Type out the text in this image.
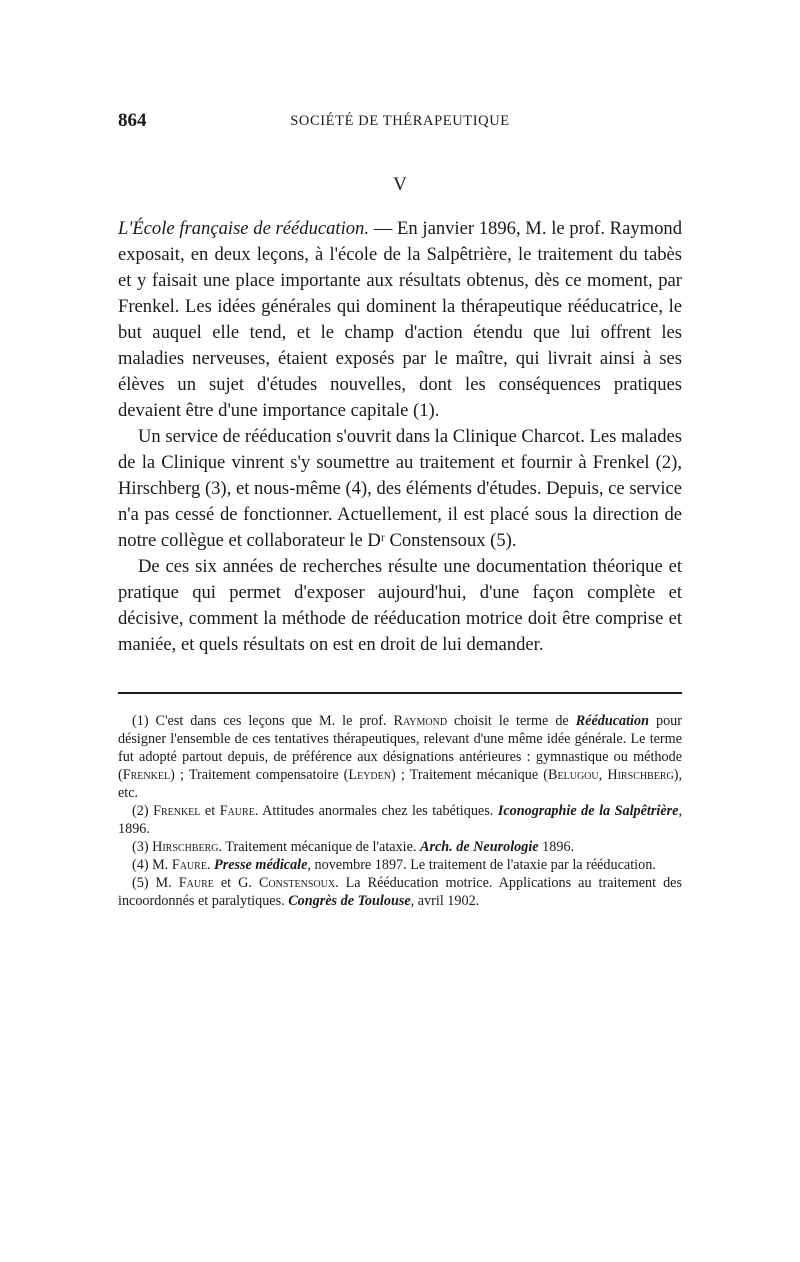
864	SOCIÉTÉ DE THÉRAPEUTIQUE
V

L'École française de rééducation. — En janvier 1896, M. le prof. Raymond exposait, en deux leçons, à l'école de la Salpêtrière, le traitement du tabès et y faisait une place importante aux résultats obtenus, dès ce moment, par Frenkel. Les idées générales qui dominent la thérapeutique rééducatrice, le but auquel elle tend, et le champ d'action étendu que lui offrent les maladies nerveuses, étaient exposés par le maître, qui livrait ainsi à ses élèves un sujet d'études nouvelles, dont les conséquences pratiques devaient être d'une importance capitale (1).

Un service de rééducation s'ouvrit dans la Clinique Charcot. Les malades de la Clinique vinrent s'y soumettre au traitement et fournir à Frenkel (2), Hirschberg (3), et nous-même (4), des éléments d'études. Depuis, ce service n'a pas cessé de fonctionner. Actuellement, il est placé sous la direction de notre collègue et collaborateur le Dʳ Constensoux (5).

De ces six années de recherches résulte une documentation théorique et pratique qui permet d'exposer aujourd'hui, d'une façon complète et décisive, comment la méthode de rééducation motrice doit être comprise et maniée, et quels résultats on est en droit de lui demander.

(1) C'est dans ces leçons que M. le prof. Raymond choisit le terme de Rééducation pour désigner l'ensemble de ces tentatives thérapeutiques, relevant d'une même idée générale. Le terme fut adopté partout depuis, de préférence aux désignations antérieures : gymnastique ou méthode (Frenkel) ; Traitement compensatoire (Leyden) ; Traitement mécanique (Belugou, Hirschberg), etc.

(2) Frenkel et Faure. Attitudes anormales chez les tabétiques. Iconographie de la Salpêtrière, 1896.

(3) Hirschberg. Traitement mécanique de l'ataxie. Arch. de Neurologie 1896.

(4) M. Faure. Presse médicale, novembre 1897. Le traitement de l'ataxie par la rééducation.

(5) M. Faure et G. Constensoux. La Rééducation motrice. Applications au traitement des incoordonnés et paralytiques. Congrès de Toulouse, avril 1902.
